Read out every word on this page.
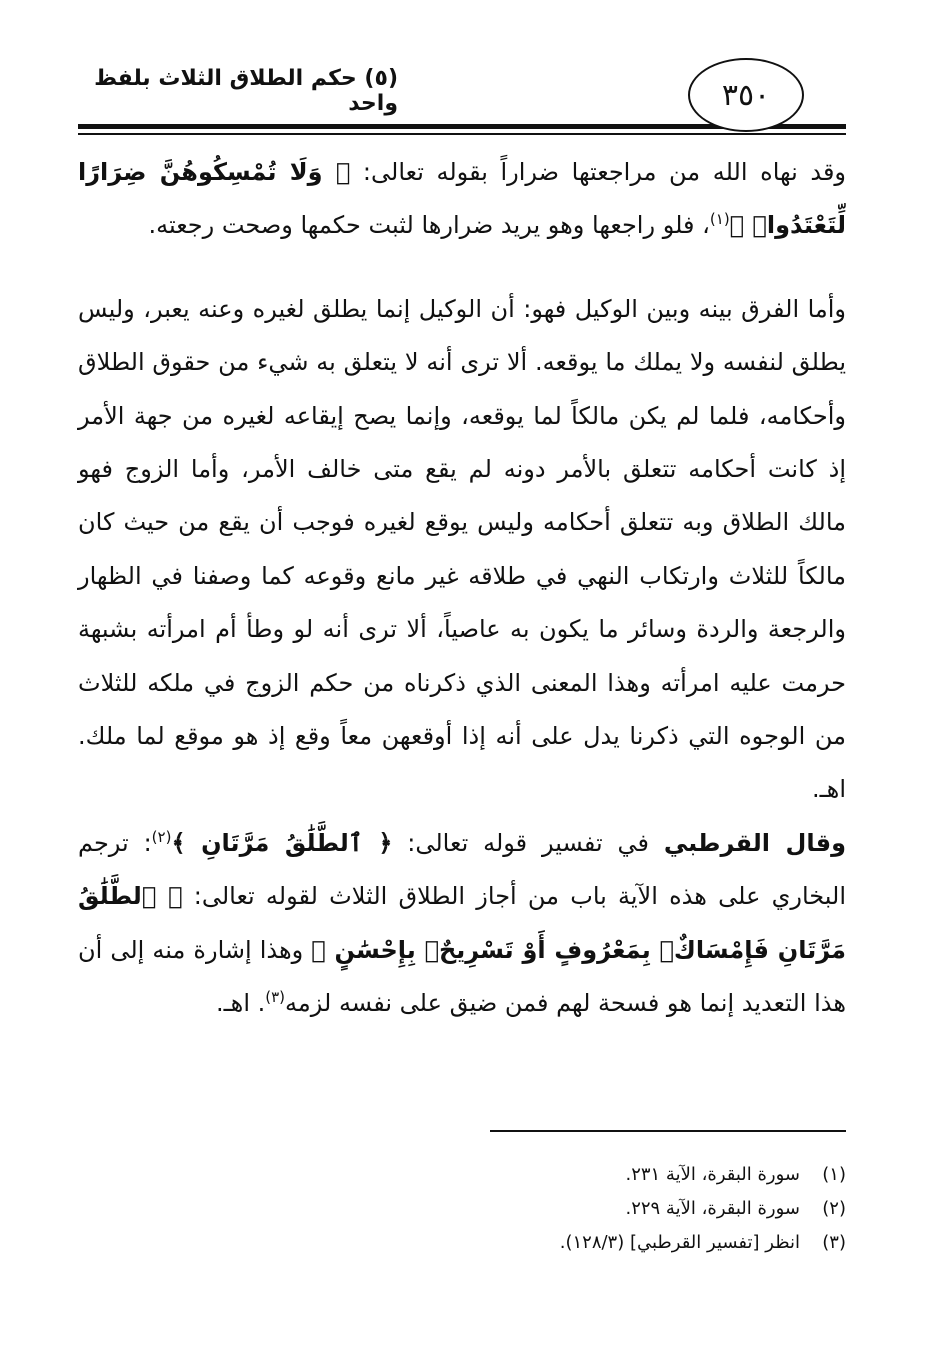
٣٥٠
(٥) حكم الطلاق الثلاث بلفظ واحد

وقد نهاه الله من مراجعتها ضراراً بقوله تعالى: ﴿ وَلَا تُمْسِكُوهُنَّ ضِرَارًا لِّتَعْتَدُوا۟ ﴾$^{(١)}$، فلو راجعها وهو يريد ضرارها لثبت حكمها وصحت رجعته.

وأما الفرق بينه وبين الوكيل فهو: أن الوكيل إنما يطلق لغيره وعنه يعبر، وليس يطلق لنفسه ولا يملك ما يوقعه. ألا ترى أنه لا يتعلق به شيء من حقوق الطلاق وأحكامه، فلما لم يكن مالكاً لما يوقعه، وإنما يصح إيقاعه لغيره من جهة الأمر إذ كانت أحكامه تتعلق بالأمر دونه لم يقع متى خالف الأمر، وأما الزوج فهو مالك الطلاق وبه تتعلق أحكامه وليس يوقع لغيره فوجب أن يقع من حيث كان مالكاً للثلاث وارتكاب النهي في طلاقه غير مانع وقوعه كما وصفنا في الظهار والرجعة والردة وسائر ما يكون به عاصياً، ألا ترى أنه لو وطأ أم امرأته بشبهة حرمت عليه امرأته وهذا المعنى الذي ذكرناه من حكم الزوج في ملكه للثلاث من الوجوه التي ذكرنا يدل على أنه إذا أوقعهن معاً وقع إذ هو موقع لما ملك. اهـ.

وقال القرطبي في تفسير قوله تعالى: ﴿ ٱلطَّلَٰقُ مَرَّتَانِ ﴾$^{(٢)}$: ترجم البخاري على هذه الآية باب من أجاز الطلاق الثلاث لقوله تعالى: ﴿ ٱلطَّلَٰقُ مَرَّتَانِ فَإِمْسَاكٌۢ بِمَعْرُوفٍ أَوْ تَسْرِيحٌۢ بِإِحْسَٰنٍ ﴾ وهذا إشارة منه إلى أن هذا التعديد إنما هو فسحة لهم فمن ضيق على نفسه لزمه$^{(٣)}$. اهـ.

(١)سورة البقرة، الآية ٢٣١.
(٢)سورة البقرة، الآية ٢٢٩.
(٣)انظر [تفسير القرطبي] (١٢٨/٣).
